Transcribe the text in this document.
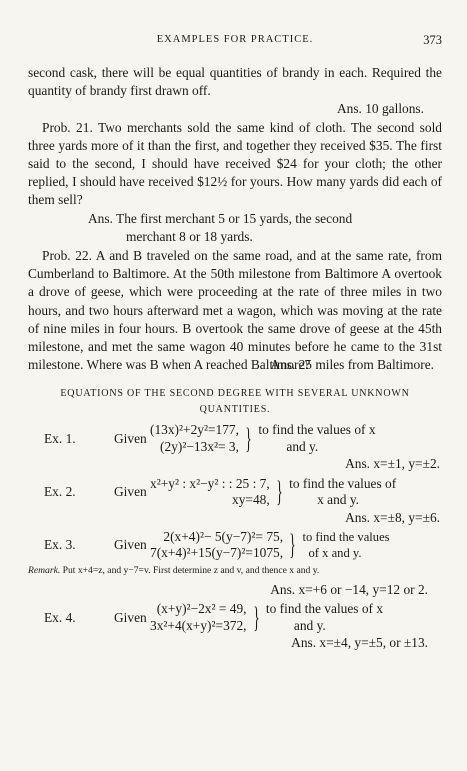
EXAMPLES FOR PRACTICE.	373

second cask, there will be equal quantities of brandy in each. Required the quantity of brandy first drawn off.

Ans. 10 gallons.

Prob. 21. Two merchants sold the same kind of cloth. The second sold three yards more of it than the first, and together they received $35. The first said to the second, I should have received $24 for your cloth; the other replied, I should have received $12½ for yours. How many yards did each of them sell?

Ans. The first merchant 5 or 15 yards, the second

merchant 8 or 18 yards.

Prob. 22. A and B traveled on the same road, and at the same rate, from Cumberland to Baltimore. At the 50th milestone from Baltimore A overtook a drove of geese, which were proceeding at the rate of three miles in two hours, and two hours afterward met a wagon, which was moving at the rate of nine miles in four hours. B overtook the same drove of geese at the 45th milestone, and met the same wagon 40 minutes before he came to the 31st milestone. Where was B when A reached Baltimore?

Ans. 25 miles from Baltimore.

EQUATIONS OF THE SECOND DEGREE WITH SEVERAL UNKNOWN
QUANTITIES.
Ex. 1.	Given
(13x)²+2y²=177,
(2y)²−13x²= 3, } to find the values of x
and y.

Ans. x=±1, y=±2.

Ex. 2.	Given
x²+y² : x²−y² : : 25 : 7,
xy=48, } to find the values of
x and y.

Ans. x=±8, y=±6.

Ex. 3.	Given
2(x+4)²− 5(y−7)²= 75,
7(x+4)²+15(y−7)²=1075, } to find the values
of x and y.
Remark. Put x+4=z, and y−7=v. First determine z and v, and thence x and y.

Ans. x=+6 or −14, y=12 or 2.

Ex. 4.	Given
(x+y)²−2x² = 49,
3x²+4(x+y)²=372, } to find the values of x
and y.

Ans. x=±4, y=±5, or ±13.
